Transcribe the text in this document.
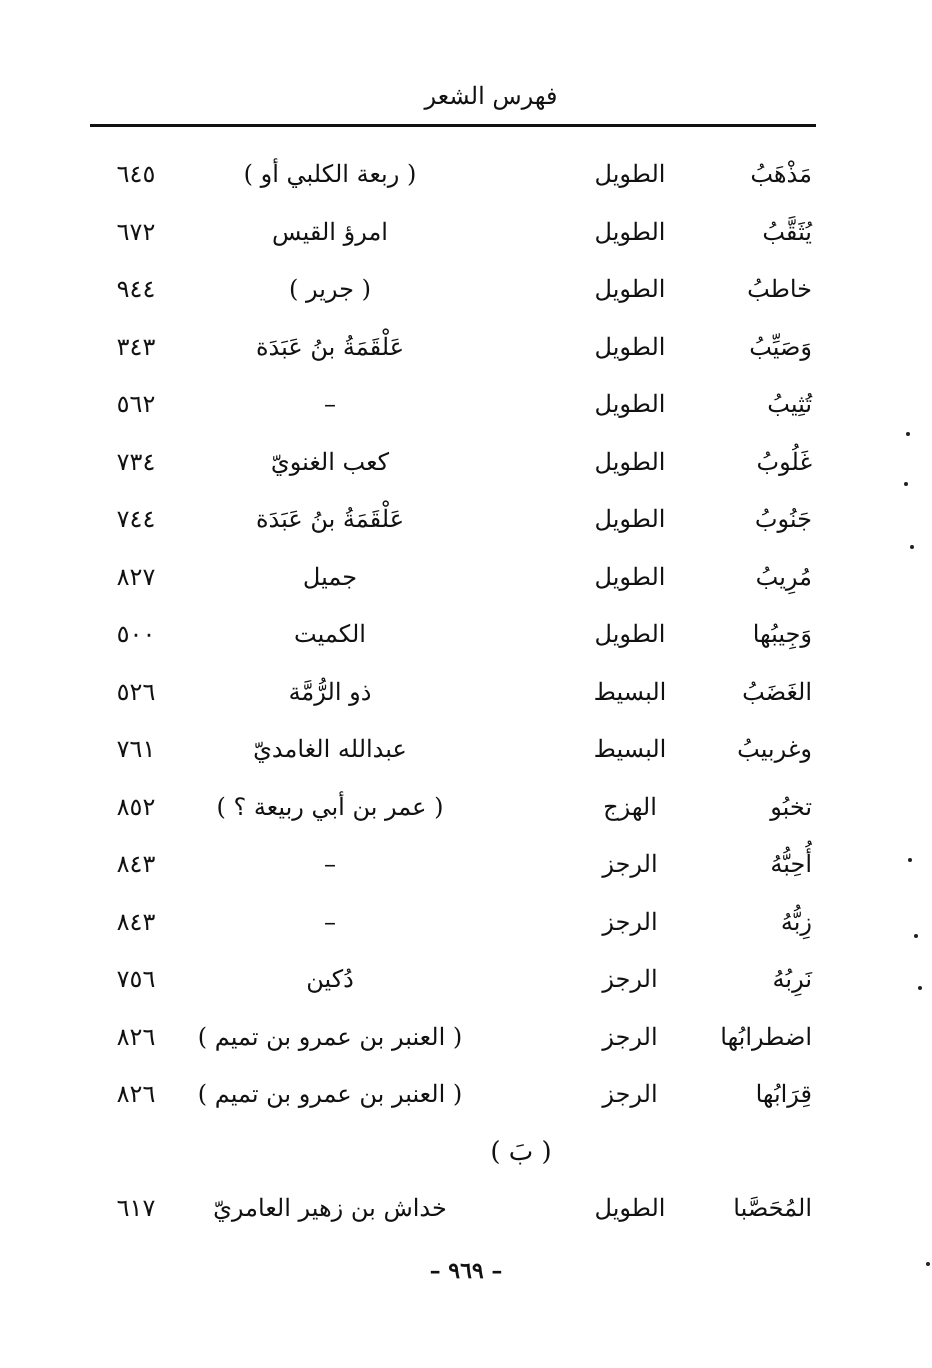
فهرس الشعر
مَذْهَبُ
الطويل
( ربعة الكلبي أو )
٦٤٥
يُثَقَّبُ
الطويل
امرؤ القيس
٦٧٢
خاطبُ
الطويل
( جرير )
٩٤٤
وَصَيِّبُ
الطويل
عَلْقَمَةُ بنُ عَبَدَة
٣٤٣
تُثِيبُ
الطويل
–
٥٦٢
غَلُوبُ
الطويل
كعب الغنويّ
٧٣٤
جَنُوبُ
الطويل
عَلْقَمَةُ بنُ عَبَدَة
٧٤٤
مُرِيبُ
الطويل
جميل
٨٢٧
وَجِيبُها
الطويل
الكميت
٥٠٠
الغَضَبُ
البسيط
ذو الرُّمَّة
٥٢٦
وغربيبُ
البسيط
عبدالله الغامديّ
٧٦١
تخبُو
الهزج
( عمر بن أبي ربيعة ؟ )
٨٥٢
أُحِبُّهُ
الرجز
–
٨٤٣
زِبُّهُ
الرجز
–
٨٤٣
نَرِبُهُ
الرجز
دُكين
٧٥٦
اضطرابُها
الرجز
( العنبر بن عمرو بن تميم )
٨٢٦
قِرَابُها
الرجز
( العنبر بن عمرو بن تميم )
٨٢٦
( بَ )
المُحَصَّبا
الطويل
خداش بن زهير العامريّ
٦١٧
– ٩٦٩ –
